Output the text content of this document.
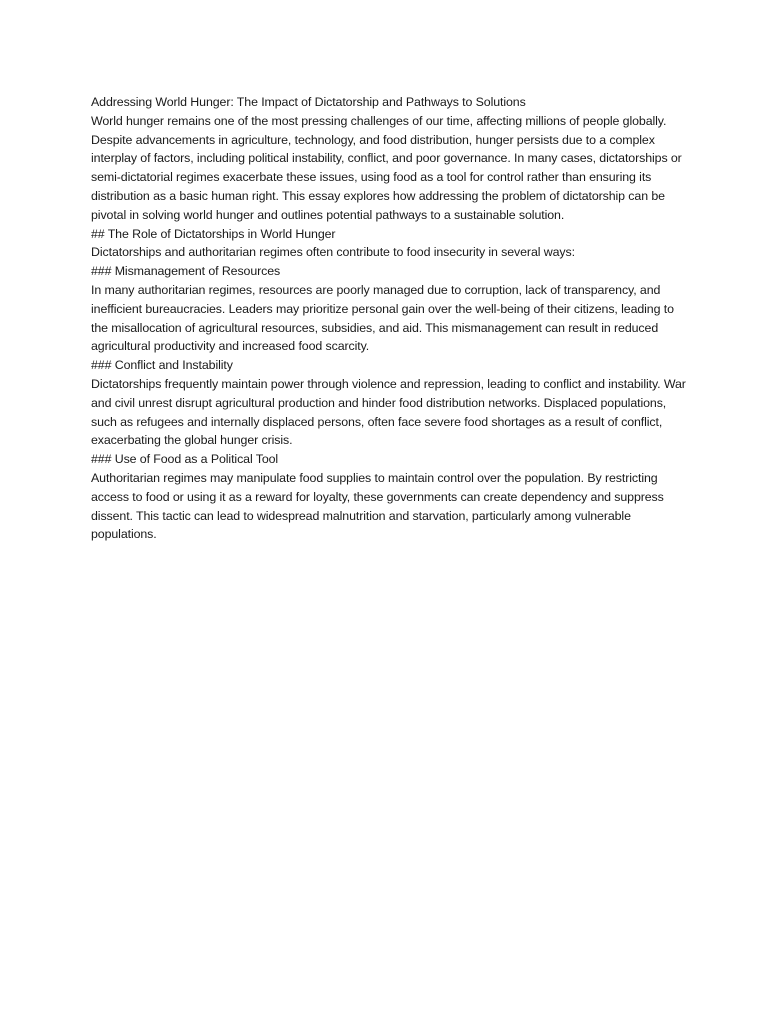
Addressing World Hunger: The Impact of Dictatorship and Pathways to Solutions

World hunger remains one of the most pressing challenges of our time, affecting millions of people globally. Despite advancements in agriculture, technology, and food distribution, hunger persists due to a complex interplay of factors, including political instability, conflict, and poor governance. In many cases, dictatorships or semi-dictatorial regimes exacerbate these issues, using food as a tool for control rather than ensuring its distribution as a basic human right. This essay explores how addressing the problem of dictatorship can be pivotal in solving world hunger and outlines potential pathways to a sustainable solution.

## The Role of Dictatorships in World Hunger

Dictatorships and authoritarian regimes often contribute to food insecurity in several ways:

### Mismanagement of Resources

In many authoritarian regimes, resources are poorly managed due to corruption, lack of transparency, and inefficient bureaucracies. Leaders may prioritize personal gain over the well-being of their citizens, leading to the misallocation of agricultural resources, subsidies, and aid. This mismanagement can result in reduced agricultural productivity and increased food scarcity.

### Conflict and Instability

Dictatorships frequently maintain power through violence and repression, leading to conflict and instability. War and civil unrest disrupt agricultural production and hinder food distribution networks. Displaced populations, such as refugees and internally displaced persons, often face severe food shortages as a result of conflict, exacerbating the global hunger crisis.

### Use of Food as a Political Tool

Authoritarian regimes may manipulate food supplies to maintain control over the population. By restricting access to food or using it as a reward for loyalty, these governments can create dependency and suppress dissent. This tactic can lead to widespread malnutrition and starvation, particularly among vulnerable populations.
